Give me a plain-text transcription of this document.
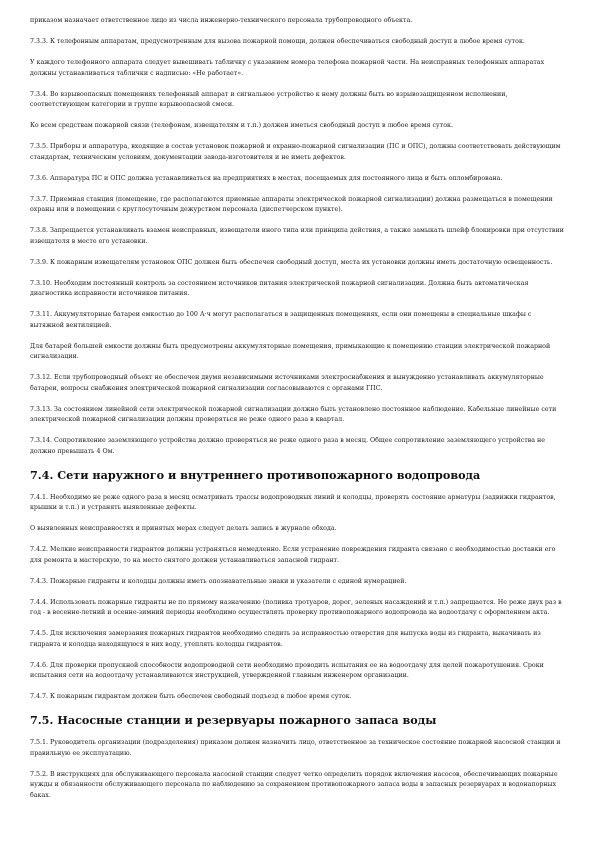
приказом назначает ответственное лицо из числа инженерно-технического персонала трубопроводного объекта.

7.3.3. К телефонным аппаратам, предусмотренным для вызова пожарной помощи, должен обеспечиваться свободный доступ в любое время суток.

У каждого телефонного аппарата следует вывешивать табличку с указанием номера телефона пожарной части. На неисправных телефонных аппаратах должны устанавливаться таблички с надписью: «Не работает».

7.3.4. Во взрывоопасных помещениях телефонный аппарат и сигнальное устройство к нему должны быть во взрывозащищенном исполнении, соответствующем категории и группе взрывоопасной смеси.

Ко всем средствам пожарной связи (телефонам, извещателям и т.п.) должен иметься свободный доступ в любое время суток.

7.3.5. Приборы и аппаратура, входящие в состав установок пожарной и охранно-пожарной сигнализации (ПС и ОПС), должны соответствовать действующим стандартам, техническим условиям, документации завода-изготовителя и не иметь дефектов.

7.3.6. Аппаратура ПС и ОПС должна устанавливаться на предприятиях в местах, посещаемых для постоянного лица и быть опломбирована.

7.3.7. Приемная станция (помещение, где располагаются приемные аппараты электрической пожарной сигнализации) должна размещаться в помещении охраны или в помещении с круглосуточным дежурством персонала (диспетчерском пункте).

7.3.8. Запрещается устанавливать взамен неисправных, извещатели иного типа или принципа действия, а также замыкать шлейф блокировки при отсутствии извещателя в месте его установки.

7.3.9. К пожарным извещателям установок ОПС должен быть обеспечен свободный доступ, места их установки должны иметь достаточную освещенность.

7.3.10. Необходим постоянный контроль за состоянием источников питания электрической пожарной сигнализации. Должна быть автоматическая диагностика исправности источников питания.

7.3.11. Аккумуляторные батареи емкостью до 100 А·ч могут располагаться в защищенных помещениях, если они помещены в специальные шкафы с вытяжной вентиляцией.

Для батарей большей емкости должны быть предусмотрены аккумуляторные помещения, примыкающие к помещению станции электрической пожарной сигнализации.

7.3.12. Если трубопроводный объект не обеспечен двумя независимыми источниками электроснабжения и вынужденно устанавливать аккумуляторные батареи, вопросы снабжения электрической пожарной сигнализации согласовываются с органами ГПС.

7.3.13. За состоянием линейной сети электрической пожарной сигнализации должно быть установлено постоянное наблюдение. Кабельные линейные сети электрической пожарной сигнализации должны проверяться не реже одного раза в квартал.

7.3.14. Сопротивление заземляющего устройства должно проверяться не реже одного раза в месяц. Общее сопротивление заземляющего устройства не должно превышать 4 Ом.

7.4. Сети наружного и внутреннего противопожарного водопровода

7.4.1. Необходимо не реже одного раза в месяц осматривать трассы водопроводных линий и колодцы, проверять состояние арматуры (задвижки гидрантов, крышки и т.п.) и устранять выявленные дефекты.

О выявленных неисправностях и принятых мерах следует делать запись в журнале обхода.

7.4.2. Мелкие неисправности гидрантов должны устраняться немедленно. Если устранение повреждения гидранта связано с необходимостью доставки его для ремонта в мастерскую, то на место снятого должен устанавливаться запасной гидрант.

7.4.3. Пожарные гидранты и колодцы должны иметь опознавательные знаки и указатели с единой нумерацией.

7.4.4. Использовать пожарные гидранты не по прямому назначению (поливка тротуаров, дорог, зеленых насаждений и т.п.) запрещается. Не реже двух раз в год - в весенне-летний и осенне-зимний периоды необходимо осуществлять проверку противопожарного водопровода на водоотдачу с оформлением акта.

7.4.5. Для исключения замерзания пожарных гидрантов необходимо следить за исправностью отверстия для выпуска воды из гидранта, выкачивать из гидранта и колодца находящуюся в них воду, утеплять колодцы гидрантов.

7.4.6. Для проверки пропускной способности водопроводной сети необходимо проводить испытания ее на водоотдачу для целей пожаротушения. Сроки испытания сети на водоотдачу устанавливаются инструкцией, утвержденной главным инженером организации.

7.4.7. К пожарным гидрантам должен быть обеспечен свободный подъезд в любое время суток.

7.5. Насосные станции и резервуары пожарного запаса воды

7.5.1. Руководитель организации (подразделения) приказом должен назначить лицо, ответственное за техническое состояние пожарной насосной станции и правильную ее эксплуатацию.

7.5.2. В инструкциях для обслуживающего персонала насосной станции следует четко определить порядок включения насосов, обеспечивающих пожарные нужды и обязанности обслуживающего персонала по наблюдению за сохранением противопожарного запаса воды в запасных резервуарах и водонапорных баках.
